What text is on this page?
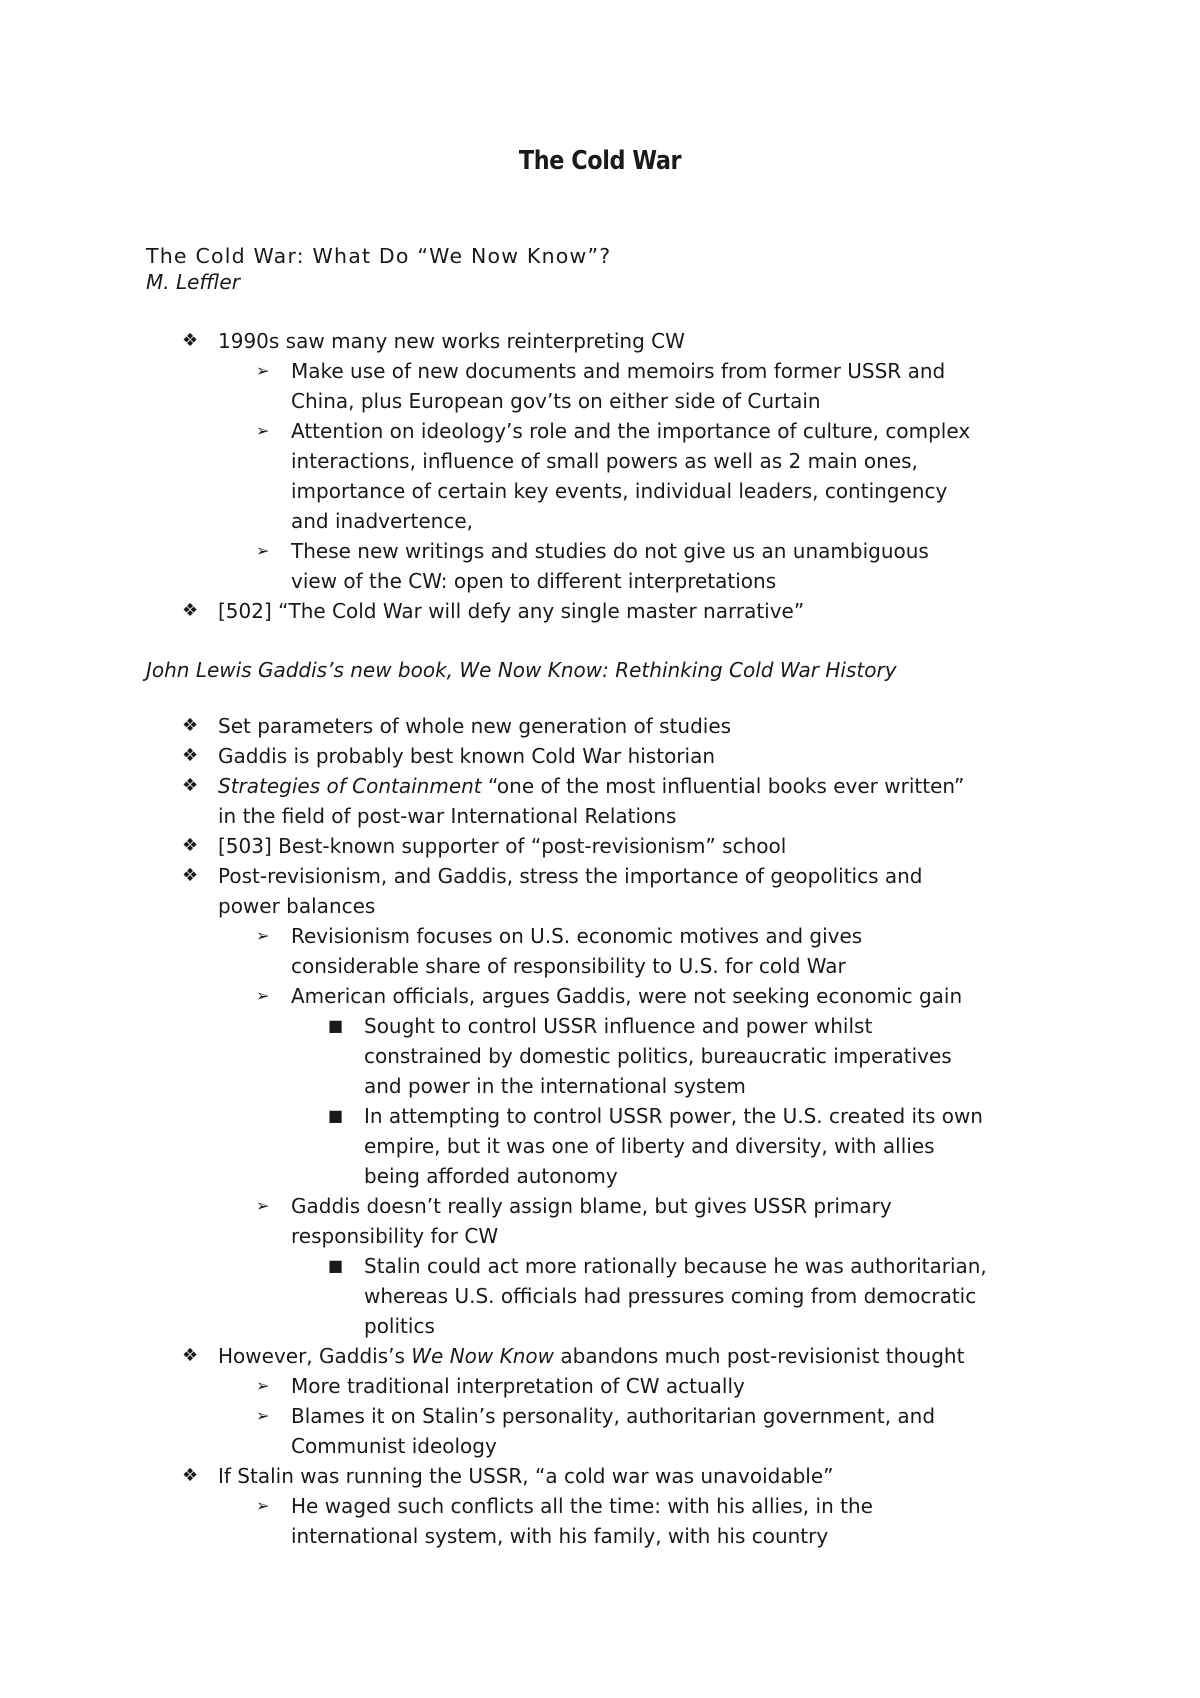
The Cold War
The Cold War: What Do “We Now Know”?
M. Leffler
❖ 1990s saw many new works reinterpreting CW
➢ Make use of new documents and memoirs from former USSR and
China, plus European gov’ts on either side of Curtain
➢ Attention on ideology’s role and the importance of culture, complex
interactions, influence of small powers as well as 2 main ones,
importance of certain key events, individual leaders, contingency
and inadvertence,
➢ These new writings and studies do not give us an unambiguous
view of the CW: open to different interpretations
❖ [502] “The Cold War will defy any single master narrative”
John Lewis Gaddis’s new book, We Now Know: Rethinking Cold War History
❖ Set parameters of whole new generation of studies
❖ Gaddis is probably best known Cold War historian
❖ Strategies of Containment “one of the most influential books ever written”
in the field of post-war International Relations
❖ [503] Best-known supporter of “post-revisionism” school
❖ Post-revisionism, and Gaddis, stress the importance of geopolitics and
power balances
➢ Revisionism focuses on U.S. economic motives and gives
considerable share of responsibility to U.S. for cold War
➢ American officials, argues Gaddis, were not seeking economic gain
■ Sought to control USSR influence and power whilst
constrained by domestic politics, bureaucratic imperatives
and power in the international system
■ In attempting to control USSR power, the U.S. created its own
empire, but it was one of liberty and diversity, with allies
being afforded autonomy
➢ Gaddis doesn’t really assign blame, but gives USSR primary
responsibility for CW
■ Stalin could act more rationally because he was authoritarian,
whereas U.S. officials had pressures coming from democratic
politics
❖ However, Gaddis’s We Now Know abandons much post-revisionist thought
➢ More traditional interpretation of CW actually
➢ Blames it on Stalin’s personality, authoritarian government, and
Communist ideology
❖ If Stalin was running the USSR, “a cold war was unavoidable”
➢ He waged such conflicts all the time: with his allies, in the
international system, with his family, with his country
